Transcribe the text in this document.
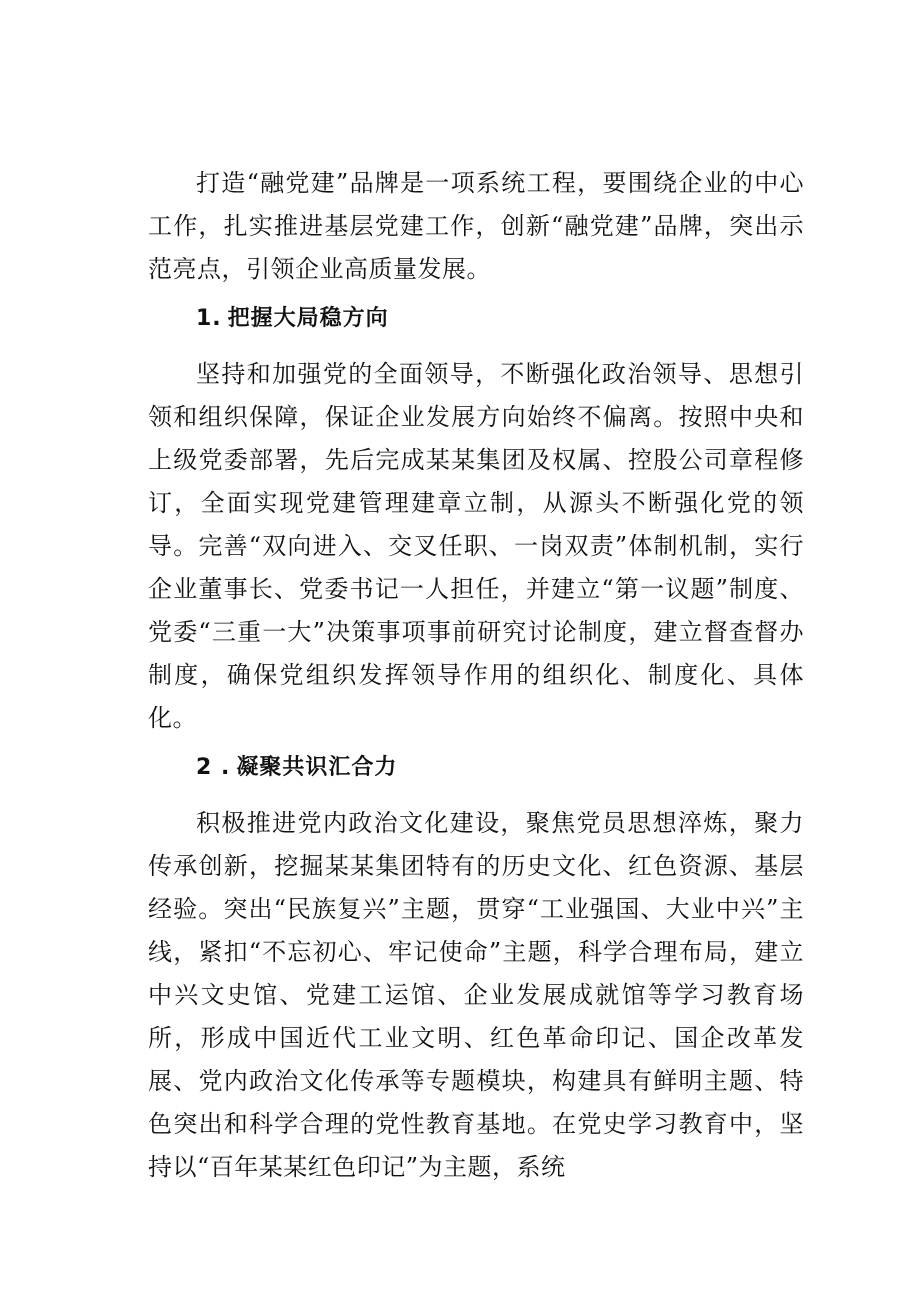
打造“融党建”品牌是一项系统工程，要围绕企业的中心工作，扎实推进基层党建工作，创新“融党建”品牌，突出示范亮点，引领企业高质量发展。

1. 把握大局稳方向

坚持和加强党的全面领导，不断强化政治领导、思想引领和组织保障，保证企业发展方向始终不偏离。按照中央和上级党委部署，先后完成某某集团及权属、控股公司章程修订，全面实现党建管理建章立制，从源头不断强化党的领导。完善“双向进入、交叉任职、一岗双责”体制机制，实行企业董事长、党委书记一人担任，并建立“第一议题”制度、党委“三重一大”决策事项事前研究讨论制度，建立督查督办制度，确保党组织发挥领导作用的组织化、制度化、具体化。

2 . 凝聚共识汇合力

积极推进党内政治文化建设，聚焦党员思想淬炼，聚力传承创新，挖掘某某集团特有的历史文化、红色资源、基层经验。突出“民族复兴”主题，贯穿“工业强国、大业中兴”主线，紧扣“不忘初心、牢记使命”主题，科学合理布局，建立中兴文史馆、党建工运馆、企业发展成就馆等学习教育场所，形成中国近代工业文明、红色革命印记、国企改革发展、党内政治文化传承等专题模块，构建具有鲜明主题、特色突出和科学合理的党性教育基地。在党史学习教育中，坚持以“百年某某红色印记”为主题，系统
